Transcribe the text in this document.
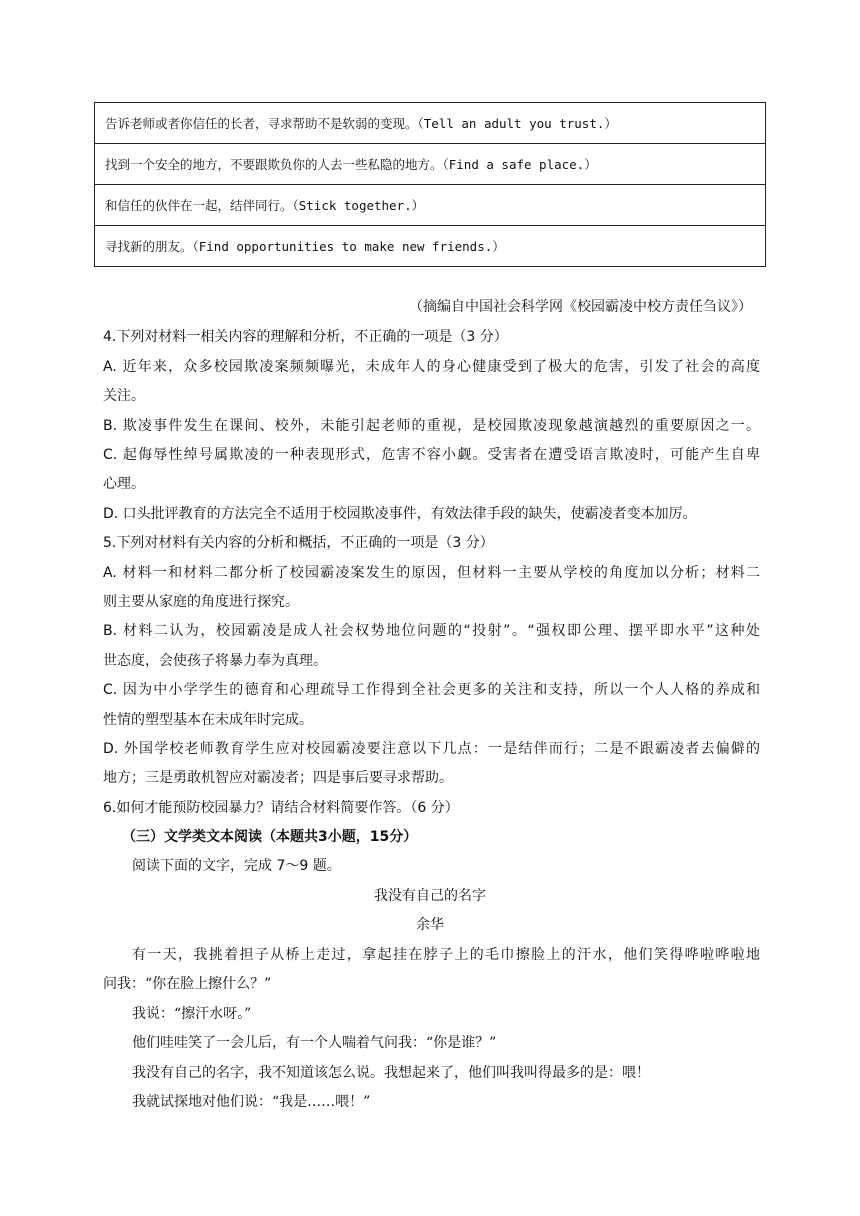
告诉老师或者你信任的长者，寻求帮助不是软弱的变现。（Tell an adult you trust.）
找到一个安全的地方，不要跟欺负你的人去一些私隐的地方。（Find a safe place.）
和信任的伙伴在一起，结伴同行。（Stick together.）
寻找新的朋友。（Find opportunities to make new friends.）
（摘编自中国社会科学网《校园霸凌中校方责任刍议》）
4.下列对材料一相关内容的理解和分析，不正确的一项是（3 分）
A. 近年来，众多校园欺凌案频频曝光，未成年人的身心健康受到了极大的危害，引发了社会的高度
关注。
B. 欺凌事件发生在课间、校外，未能引起老师的重视，是校园欺凌现象越演越烈的重要原因之一。
C. 起侮辱性绰号属欺凌的一种表现形式，危害不容小觑。受害者在遭受语言欺凌时，可能产生自卑
心理。
D. 口头批评教育的方法完全不适用于校园欺凌事件，有效法律手段的缺失，使霸凌者变本加厉。
5.下列对材料有关内容的分析和概括，不正确的一项是（3 分）
A. 材料一和材料二都分析了校园霸凌案发生的原因，但材料一主要从学校的角度加以分析；材料二
则主要从家庭的角度进行探究。
B. 材料二认为，校园霸凌是成人社会权势地位问题的“投射”。“强权即公理、摆平即水平”这种处
世态度，会使孩子将暴力奉为真理。
C. 因为中小学学生的德育和心理疏导工作得到全社会更多的关注和支持，所以一个人人格的养成和
性情的塑型基本在未成年时完成。
D. 外国学校老师教育学生应对校园霸凌要注意以下几点：一是结伴而行；二是不跟霸凌者去偏僻的
地方；三是勇敢机智应对霸凌者；四是事后要寻求帮助。
6.如何才能预防校园暴力？请结合材料简要作答。（6 分）
（三）文学类文本阅读（本题共3小题，15分）
阅读下面的文字，完成 7～9 题。
我没有自己的名字
余华
有一天，我挑着担子从桥上走过，拿起挂在脖子上的毛巾擦脸上的汗水，他们笑得哗啦哗啦地
问我：“你在脸上擦什么？”
我说：“擦汗水呀。”
他们哇哇笑了一会儿后，有一个人喘着气问我：“你是谁？”
我没有自己的名字，我不知道该怎么说。我想起来了，他们叫我叫得最多的是：喂！
我就试探地对他们说：“我是……喂！”
